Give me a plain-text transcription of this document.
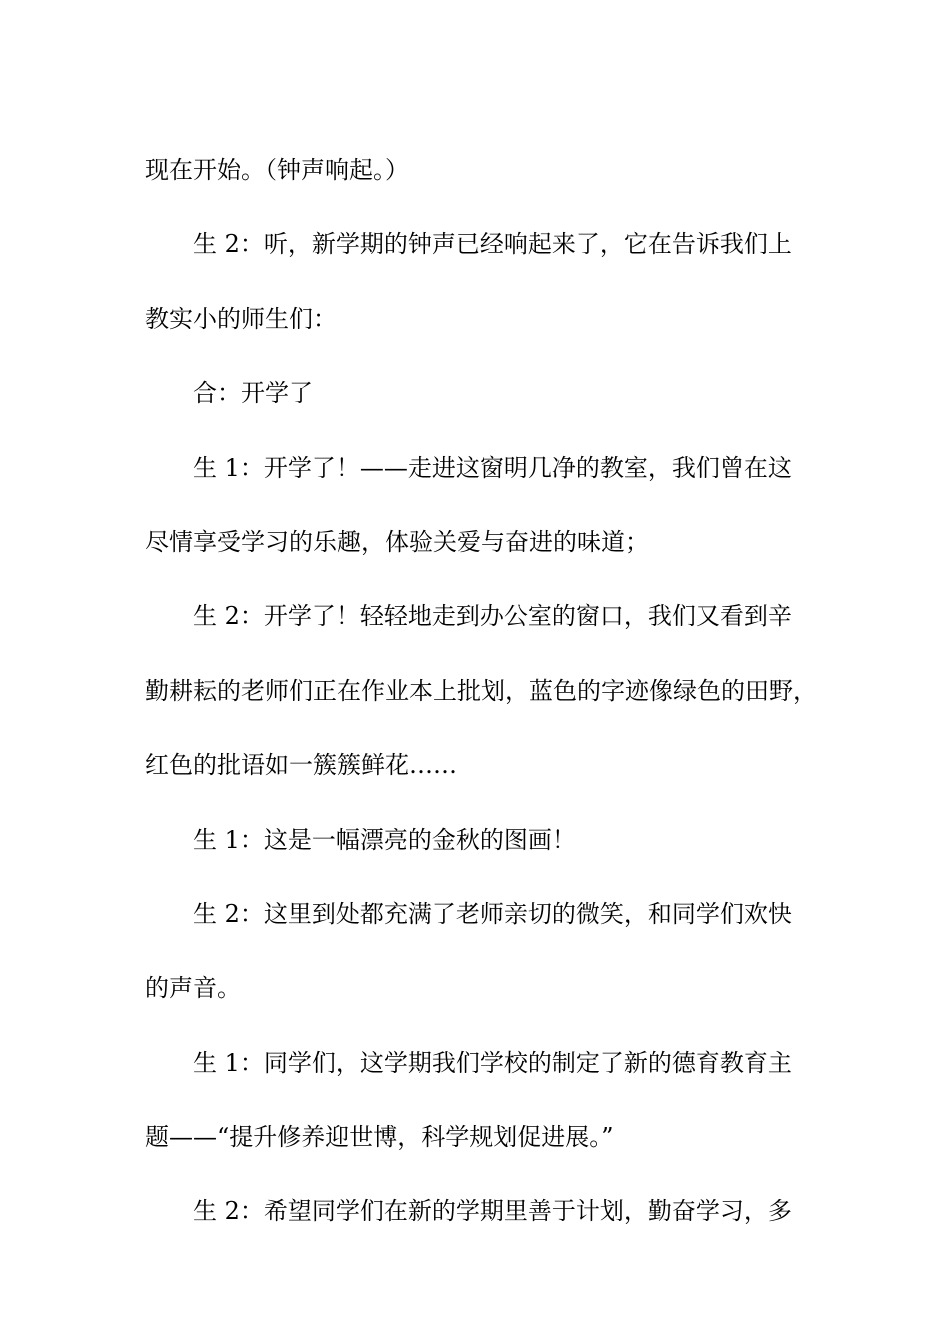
现在开始。（钟声响起。）
生 2：听，新学期的钟声已经响起来了，它在告诉我们上
教实小的师生们：
合：开学了
生 1：开学了！——走进这窗明几净的教室，我们曾在这
尽情享受学习的乐趣，体验关爱与奋进的味道；
生 2：开学了！轻轻地走到办公室的窗口，我们又看到辛
勤耕耘的老师们正在作业本上批划，蓝色的字迹像绿色的田野，
红色的批语如一簇簇鲜花……
生 1：这是一幅漂亮的金秋的图画！
生 2：这里到处都充满了老师亲切的微笑，和同学们欢快
的声音。
生 1：同学们，这学期我们学校的制定了新的德育教育主
题——“提升修养迎世博，科学规划促进展。”
生 2：希望同学们在新的学期里善于计划，勤奋学习，多
